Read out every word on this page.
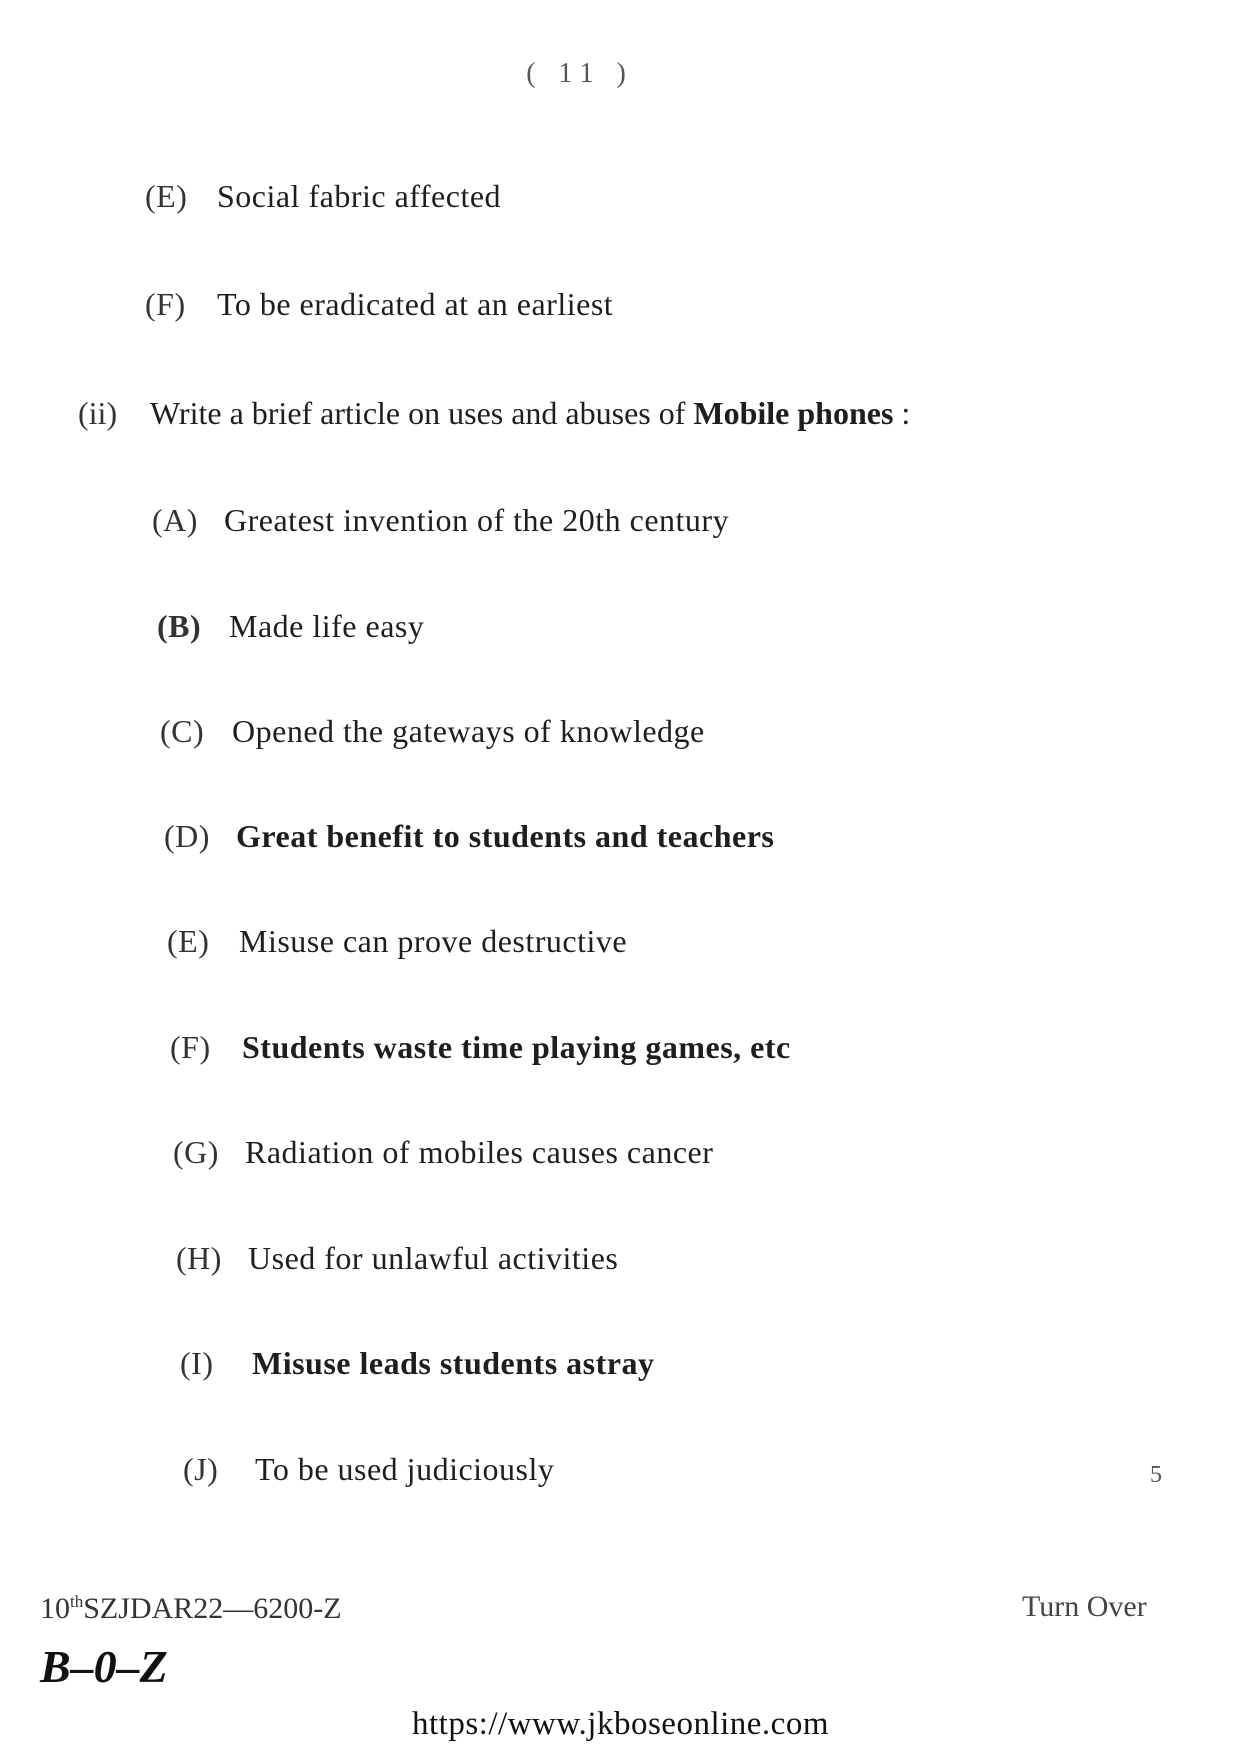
( 11 )
(E) Social fabric affected
(F) To be eradicated at an earliest
(ii) Write a brief article on uses and abuses of Mobile phones :
(A) Greatest invention of the 20th century
(B) Made life easy
(C) Opened the gateways of knowledge
(D) Great benefit to students and teachers
(E) Misuse can prove destructive
(F) Students waste time playing games, etc
(G) Radiation of mobiles causes cancer
(H) Used for unlawful activities
(I) Misuse leads students astray
(J) To be used judiciously	5
10thSZJDAR22—6200-Z	Turn Over
B–0–Z
https://www.jkboseonline.com
